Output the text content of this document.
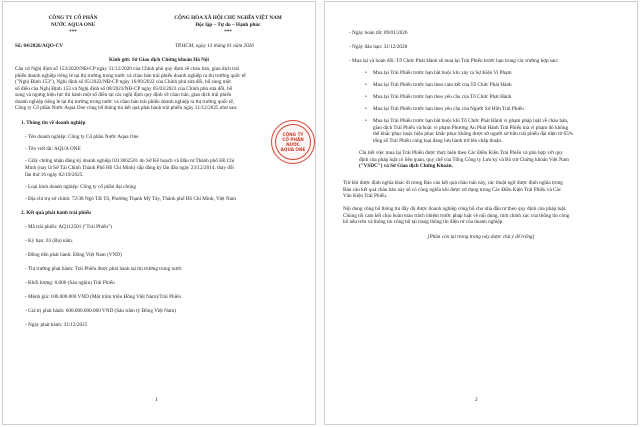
CÔNG TY CỔ PHẦN
NƯỚC AQUA ONE
***
Số: 04/2026/AQO-CV
CỘNG HÒA XÃ HỘI CHỦ NGHĨA VIỆT NAM
Độc lập – Tự do – Hạnh phúc
***
TP.HCM, ngày 13 tháng 01 năm 2026
Kính gửi: Sở Giao dịch Chứng khoán Hà Nội
Căn cứ Nghị định số 153/2020/NĐ-CP ngày 31/12/2020 của Chính phủ quy định về chào bán, giao dịch trái
phiếu doanh nghiệp riêng lẻ tại thị trường trong nước và chào bán trái phiếu doanh nghiệp ra thị trường quốc tế
("Nghị Định 153"), Nghị định số 65/2022/NĐ-CP ngày 16/09/2022 của Chính phủ sửa đổi, bổ sung một
số điều của Nghị Định 153 và Nghị định số 08/2023/NĐ-CP ngày 05/03/2023 của Chính phủ sửa đổi, bổ
sung và ngưng hiệu lực thi hành một số điều tại các nghị định quy định về chào bán, giao dịch trái phiếu
doanh nghiệp riêng lẻ tại thị trường trong nước và chào bán trái phiếu doanh nghiệp ra thị trường quốc tế,
Công ty Cổ phần Nước Aqua One công bố thông tin kết quả phát hành trái phiếu ngày 31/12/2025 như sau:
1. Thông tin về doanh nghiệp
- Tên doanh nghiệp: Công ty Cổ phần Nước Aqua One
- Tên viết tắt: AQUA ONE
- Giấy chứng nhận đăng ký doanh nghiệp 0313062501 do Sở Kế hoạch và Đầu tư Thành phố Hồ Chí
Minh (nay là Sở Tài Chính Thành Phố Hồ Chí Minh) cấp đăng ký lần đầu ngày 23/12/2014, thay đổi
lần thứ 16 ngày 02/10/2025.
- Loại hình doanh nghiệp: Công ty cổ phần đại chúng
- Địa chỉ trụ sở chính: 72/38 Ngô Tất Tố, Phường Thạnh Mỹ Tây, Thành phố Hồ Chí Minh, Việt Nam
2. Kết quả phát hành trái phiếu
- Mã trái phiếu: AQ112501 ("Trái Phiếu")
- Kỳ hạn: 03 (Ba) năm.
- Đồng tiền phát hành: Đồng Việt Nam (VND)
- Thị trường phát hành: Trái Phiếu được phát hành tại thị trường trong nước
- Khối lượng: 6.000 (Sáu nghìn) Trái Phiếu
- Mệnh giá: 100.000.000 VND (Một trăm triệu Đồng Việt Nam)/Trái Phiếu
- Giá trị phát hành: 600.000.000.000 VND (Sáu trăm tỷ Đồng Việt Nam)
- Ngày phát hành: 31/12/2025
1
CÔNG TY
CỔ PHẦN
NƯỚC
AQUA ONE
- Ngày hoàn tất: 09/01/2026
- Ngày đáo hạn: 31/12/2028
- Mua lại và hoán đổi: Tổ Chức Phát Hành sẽ mua lại Trái Phiếu trước hạn trong các trường hợp sau:
• Mua lại Trái Phiếu trước hạn bắt buộc khi xảy ra Sự Kiện Vi Phạm
• Mua lại Trái Phiếu trước hạn theo cam kết của Tổ Chức Phát Hành
• Mua lại Trái Phiếu trước hạn theo yêu cầu của Tổ Chức Phát Hành
• Mua lại Trái Phiếu trước hạn theo yêu cầu của Người Sở Hữu Trái Phiếu
• Mua lại Trái Phiếu trước hạn bắt buộc khi Tổ Chức Phát Hành vi phạm pháp luật về chào bán,
giao dịch Trái Phiếu và/hoặc vi phạm Phương Án Phát Hành Trái Phiếu mà vi phạm đó không
thể khắc phục hoặc hiệu phục khắc phục không được sở người sở hữu trái phiếu đại diện từ 65%
tổng số Trái Phiếu cùng loại đang lưu hành trở lên chấp thuận.
Chi tiết việc mua lại Trái Phiếu được thực hiện theo Các Điều Kiện Trái Phiếu và phù hợp với quy
định của pháp luật có liên quan, quy chế của Tổng Công ty Lưu ký và Bù trừ Chứng khoán Việt Nam
("VSDC") và Sở Giao dịch Chứng Khoán.
Trừ khi được định nghĩa khác đi trong Báo cáo kết quả chào bán này, các thuật ngữ được định nghĩa trong
Báo cáo kết quả chào bán này sẽ có cùng nghĩa khi được sử dụng trong Các Điều Kiện Trái Phiếu và Các
Văn Kiện Trái Phiếu.
Nội dung công bố thông tin đầy đủ được doanh nghiệp công bố cho nhà đầu tư theo quy định của pháp luật.
Chúng tôi cam kết chịu hoàn toàn trách nhiệm trước pháp luật về nội dung, tính chính xác của thông tin công
bố nêu trên và thông tin công bố tại trang thông tin điện tử của doanh nghiệp.
[Phần còn lại trong trang này được chủ ý để trống]
2
